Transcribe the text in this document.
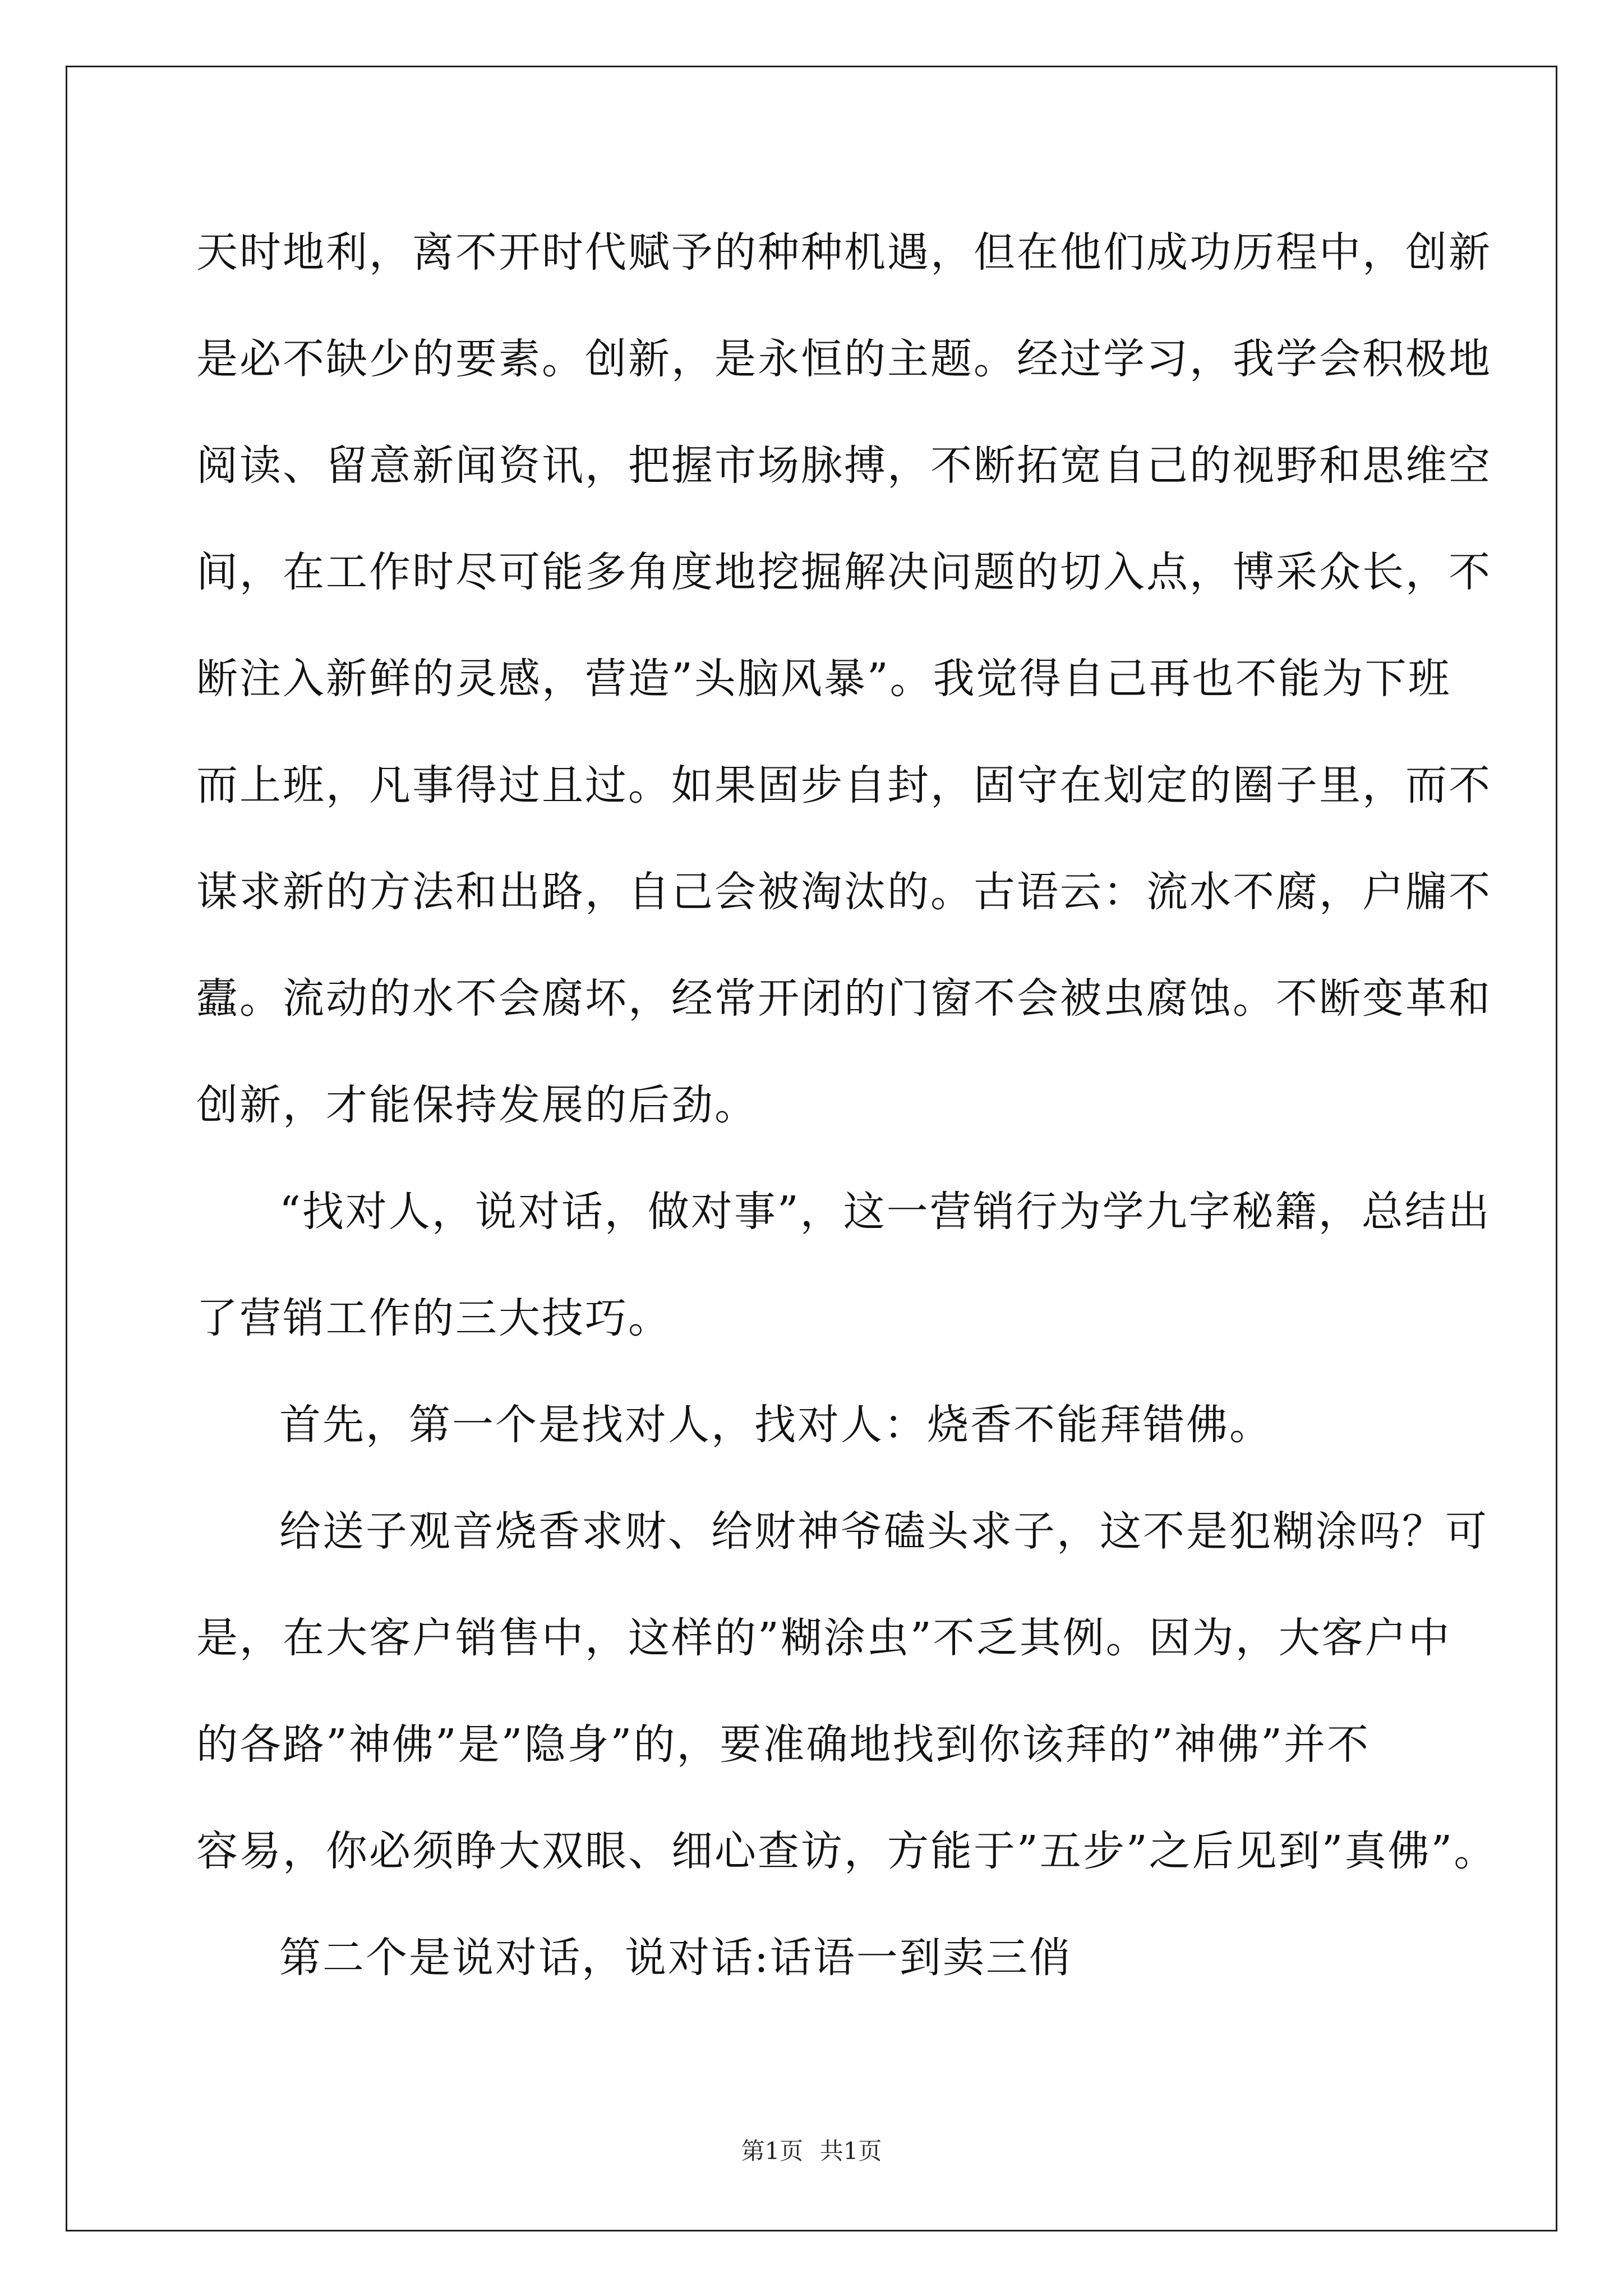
天时地利，离不开时代赋予的种种机遇，但在他们成功历程中，创新
是必不缺少的要素。创新，是永恒的主题。经过学习，我学会积极地
阅读、留意新闻资讯，把握市场脉搏，不断拓宽自己的视野和思维空
间，在工作时尽可能多角度地挖掘解决问题的切入点，博采众长，不
断注入新鲜的灵感，营造”头脑风暴”。我觉得自己再也不能为下班
而上班，凡事得过且过。如果固步自封，固守在划定的圈子里，而不
谋求新的方法和出路，自己会被淘汰的。古语云：流水不腐，户牖不
蠹。流动的水不会腐坏，经常开闭的门窗不会被虫腐蚀。不断变革和
创新，才能保持发展的后劲。
“找对人，说对话，做对事”，这一营销行为学九字秘籍，总结出
了营销工作的三大技巧。
首先，第一个是找对人，找对人：烧香不能拜错佛。
给送子观音烧香求财、给财神爷磕头求子，这不是犯糊涂吗？可
是，在大客户销售中，这样的”糊涂虫”不乏其例。因为，大客户中
的各路”神佛”是”隐身”的，要准确地找到你该拜的”神佛”并不
容易，你必须睁大双眼、细心查访，方能于”五步”之后见到”真佛”。
第二个是说对话，说对话:话语一到卖三俏
第1页 共1页
